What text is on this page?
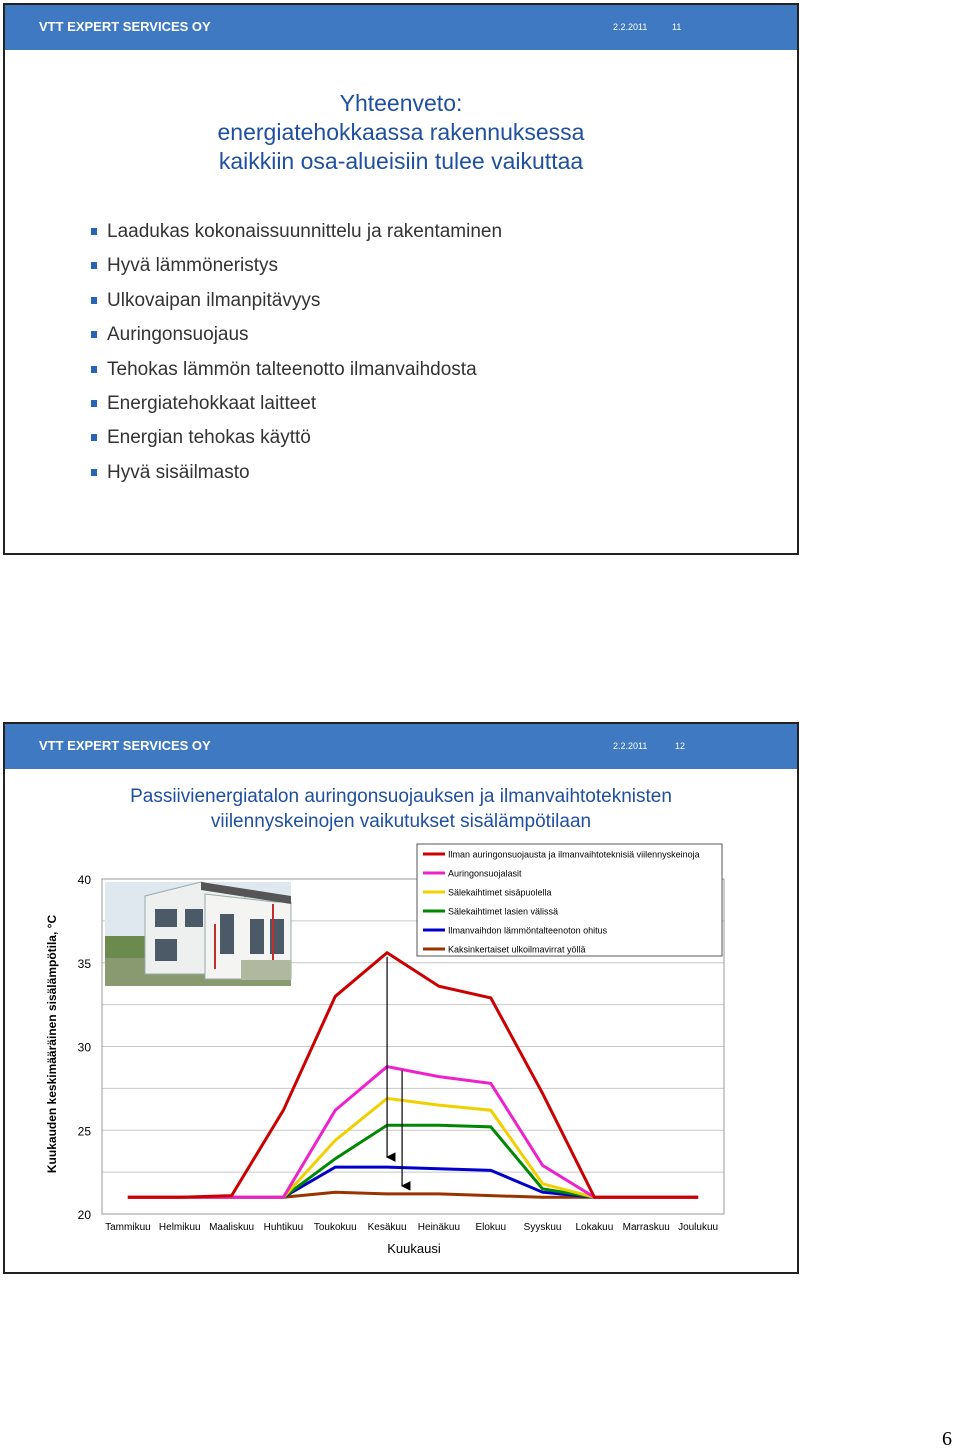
VTT EXPERT SERVICES OY	2.2.2011	11
Yhteenveto:
energiatehokkaassa rakennuksessa
kaikkiin osa-alueisiin tulee vaikuttaa
Laadukas kokonaissuunnittelu ja rakentaminen
Hyvä lämmöneristys
Ulkovaipan ilmanpitävyys
Auringonsuojaus
Tehokas lämmön talteenotto ilmanvaihdosta
Energiatehokkaat laitteet
Energian tehokas käyttö
Hyvä sisäilmasto
VTT EXPERT SERVICES OY	2.2.2011	12
Passiivienergiatalon auringonsuojauksen ja ilmanvaihtoteknisten
viilennyskeinojen vaikutukset sisälämpötilaan
20
25
30
35
40
Tammikuu Helmikuu Maaliskuu Huhtikuu Toukokuu Kesäkuu Heinäkuu Elokuu Syyskuu Lokakuu Marraskuu Joulukuu
Ilman auringonsuojausta ja ilmanvaihtoteknisiä viilennyskeinoja
Auringonsuojalasit
Sälekaihtimet sisäpuolella
Sälekaihtimet lasien välissä
Ilmanvaihdon lämmöntalteenoton ohitus
Kaksinkertaiset ulkoilmavirrat yöllä
Kuukausi
Kuukauden keskimääräinen sisälämpötila, °C
6
